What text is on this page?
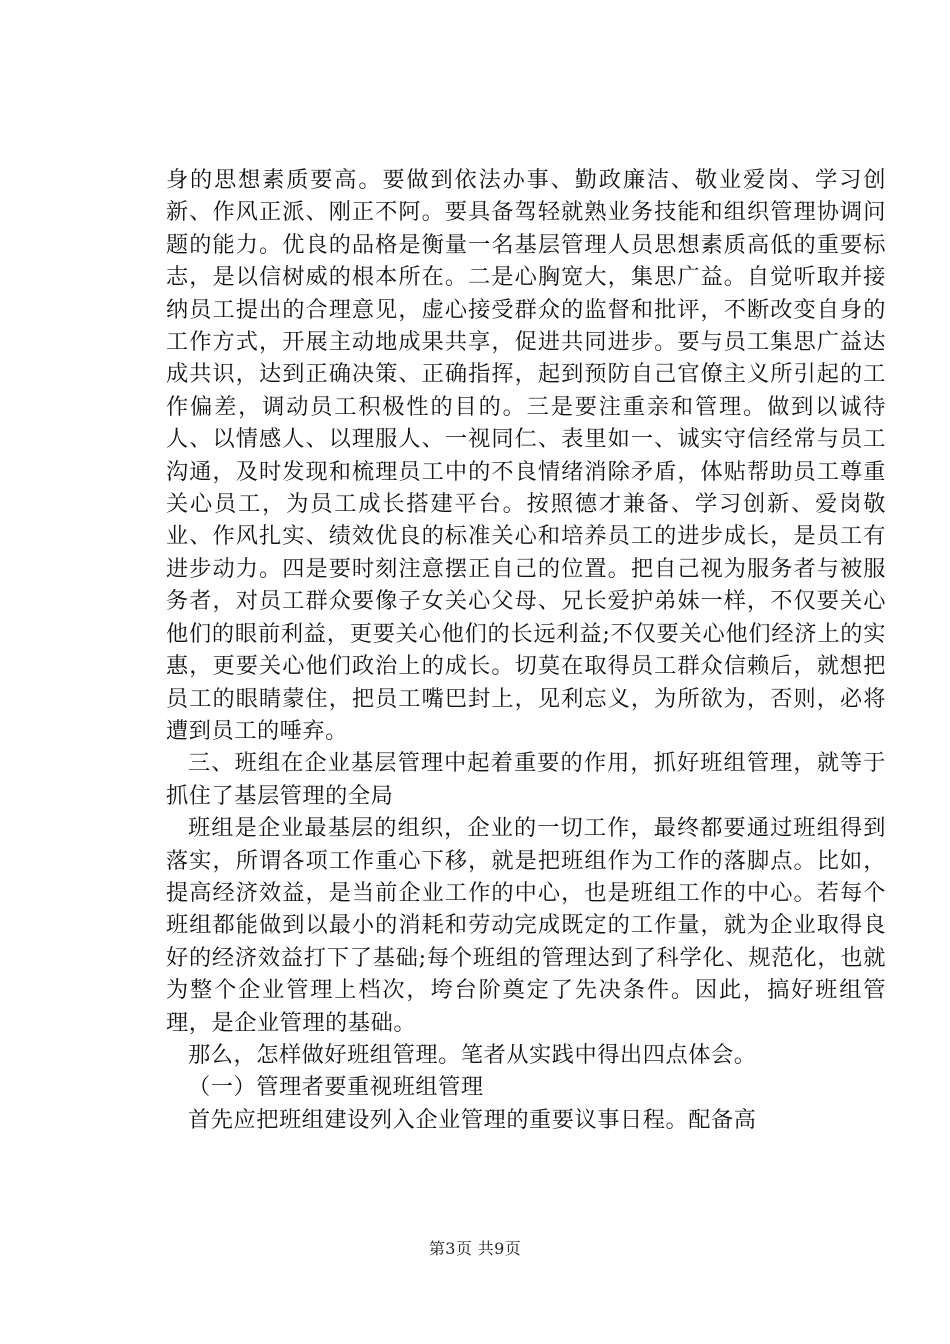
身的思想素质要高。要做到依法办事、勤政廉洁、敬业爱岗、学习创新、作风正派、刚正不阿。要具备驾轻就熟业务技能和组织管理协调问题的能力。优良的品格是衡量一名基层管理人员思想素质高低的重要标志，是以信树威的根本所在。二是心胸宽大，集思广益。自觉听取并接纳员工提出的合理意见，虚心接受群众的监督和批评，不断改变自身的工作方式，开展主动地成果共享，促进共同进步。要与员工集思广益达成共识，达到正确决策、正确指挥，起到预防自己官僚主义所引起的工作偏差，调动员工积极性的目的。三是要注重亲和管理。做到以诚待人、以情感人、以理服人、一视同仁、表里如一、诚实守信经常与员工沟通，及时发现和梳理员工中的不良情绪消除矛盾，体贴帮助员工尊重关心员工，为员工成长搭建平台。按照德才兼备、学习创新、爱岗敬业、作风扎实、绩效优良的标准关心和培养员工的进步成长，是员工有进步动力。四是要时刻注意摆正自己的位置。把自己视为服务者与被服务者，对员工群众要像子女关心父母、兄长爱护弟妹一样，不仅要关心他们的眼前利益，更要关心他们的长远利益;不仅要关心他们经济上的实惠，更要关心他们政治上的成长。切莫在取得员工群众信赖后，就想把员工的眼睛蒙住，把员工嘴巴封上，见利忘义，为所欲为，否则，必将遭到员工的唾弃。

三、班组在企业基层管理中起着重要的作用，抓好班组管理，就等于抓住了基层管理的全局

班组是企业最基层的组织，企业的一切工作，最终都要通过班组得到落实，所谓各项工作重心下移，就是把班组作为工作的落脚点。比如，提高经济效益，是当前企业工作的中心，也是班组工作的中心。若每个班组都能做到以最小的消耗和劳动完成既定的工作量，就为企业取得良好的经济效益打下了基础;每个班组的管理达到了科学化、规范化，也就为整个企业管理上档次，垮台阶奠定了先决条件。因此，搞好班组管理，是企业管理的基础。

那么，怎样做好班组管理。笔者从实践中得出四点体会。

（一）管理者要重视班组管理

首先应把班组建设列入企业管理的重要议事日程。配备高

第3页 共9页
